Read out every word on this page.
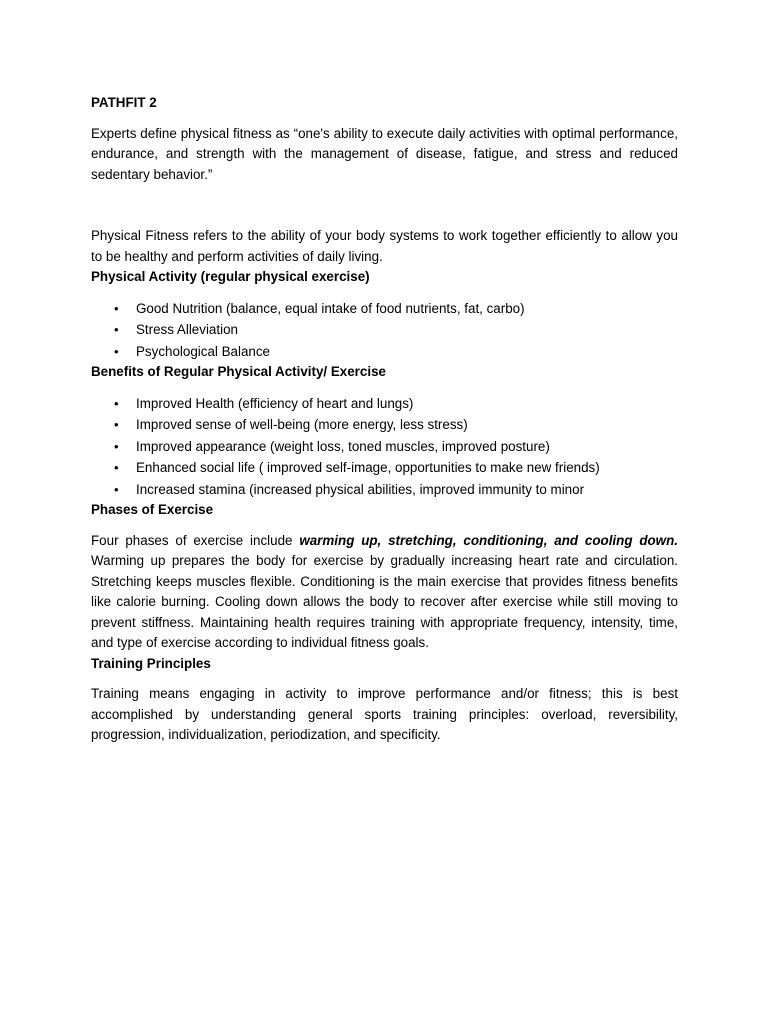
PATHFIT 2

Experts define physical fitness as “one's ability to execute daily activities with optimal performance, endurance, and strength with the management of disease, fatigue, and stress and reduced sedentary behavior.”

Physical Fitness refers to the ability of your body systems to work together efficiently to allow you to be healthy and perform activities of daily living.

Physical Activity (regular physical exercise)

• Good Nutrition (balance, equal intake of food nutrients, fat, carbo)
• Stress Alleviation
• Psychological Balance

Benefits of Regular Physical Activity/ Exercise

• Improved Health (efficiency of heart and lungs)
• Improved sense of well-being (more energy, less stress)
• Improved appearance (weight loss, toned muscles, improved posture)
• Enhanced social life ( improved self-image, opportunities to make new friends)
• Increased stamina (increased physical abilities, improved immunity to minor

Phases of Exercise

Four phases of exercise include warming up, stretching, conditioning, and cooling down. Warming up prepares the body for exercise by gradually increasing heart rate and circulation. Stretching keeps muscles flexible. Conditioning is the main exercise that provides fitness benefits like calorie burning. Cooling down allows the body to recover after exercise while still moving to prevent stiffness. Maintaining health requires training with appropriate frequency, intensity, time, and type of exercise according to individual fitness goals.

Training Principles

Training means engaging in activity to improve performance and/or fitness; this is best accomplished by understanding general sports training principles: overload, reversibility, progression, individualization, periodization, and specificity.
